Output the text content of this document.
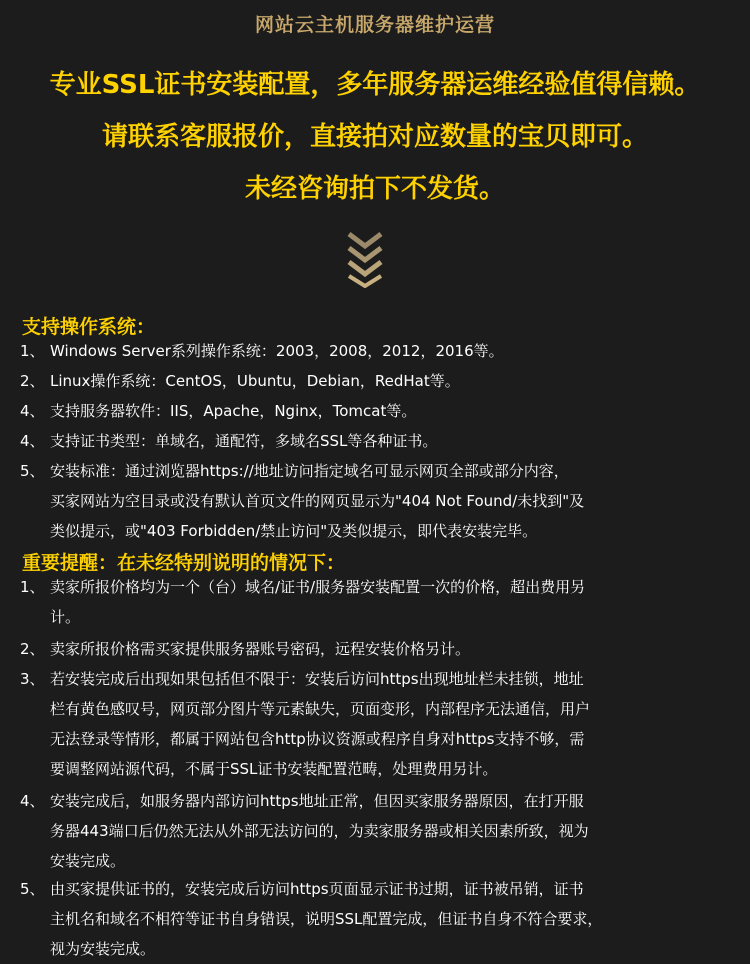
网站云主机服务器维护运营
专业SSL证书安装配置，多年服务器运维经验值得信赖。
请联系客服报价，直接拍对应数量的宝贝即可。
未经咨询拍下不发货。
支持操作系统：
1、 Windows Server系列操作系统：2003，2008，2012，2016等。
2、 Linux操作系统：CentOS，Ubuntu，Debian，RedHat等。
4、 支持服务器软件：IIS，Apache，Nginx，Tomcat等。
4、 支持证书类型：单域名，通配符，多域名SSL等各种证书。
5、 安装标准：通过浏览器https://地址访问指定域名可显示网页全部或部分内容，
买家网站为空目录或没有默认首页文件的网页显示为"404 Not Found/未找到"及
类似提示，或"403 Forbidden/禁止访问"及类似提示，即代表安装完毕。
重要提醒：在未经特别说明的情况下：
1、 卖家所报价格均为一个（台）域名/证书/服务器安装配置一次的价格，超出费用另
计。
2、 卖家所报价格需买家提供服务器账号密码，远程安装价格另计。
3、 若安装完成后出现如果包括但不限于：安装后访问https出现地址栏未挂锁，地址
栏有黄色感叹号，网页部分图片等元素缺失，页面变形，内部程序无法通信，用户
无法登录等情形，都属于网站包含http协议资源或程序自身对https支持不够，需
要调整网站源代码，不属于SSL证书安装配置范畴，处理费用另计。
4、 安装完成后，如服务器内部访问https地址正常，但因买家服务器原因，在打开服
务器443端口后仍然无法从外部无法访问的，为卖家服务器或相关因素所致，视为
安装完成。
5、 由买家提供证书的，安装完成后访问https页面显示证书过期，证书被吊销，证书
主机名和域名不相符等证书自身错误，说明SSL配置完成，但证书自身不符合要求，
视为安装完成。
